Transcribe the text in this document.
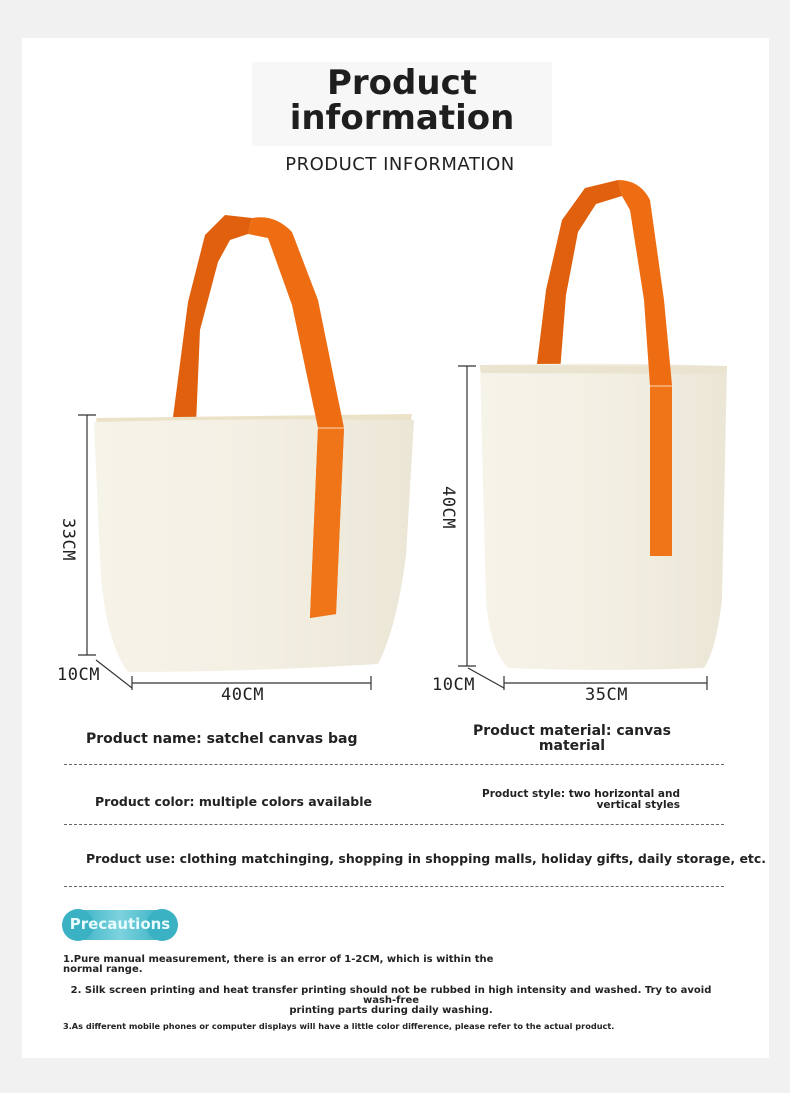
Product
information
PRODUCT INFORMATION
33CM
10CM
40CM
40CM
10CM	35CM
Product name: satchel canvas bag	Product material: canvas
material
Product color: multiple colors available	Product style: two horizontal and
vertical styles
Product use: clothing matchinging, shopping in shopping malls, holiday gifts, daily storage, etc.
Precautions
1.Pure manual measurement, there is an error of 1-2CM, which is within the
normal range.
2. Silk screen printing and heat transfer printing should not be rubbed in high intensity and washed. Try to avoid wash-free
printing parts during daily washing.
3.As different mobile phones or computer displays will have a little color difference, please refer to the actual product.
